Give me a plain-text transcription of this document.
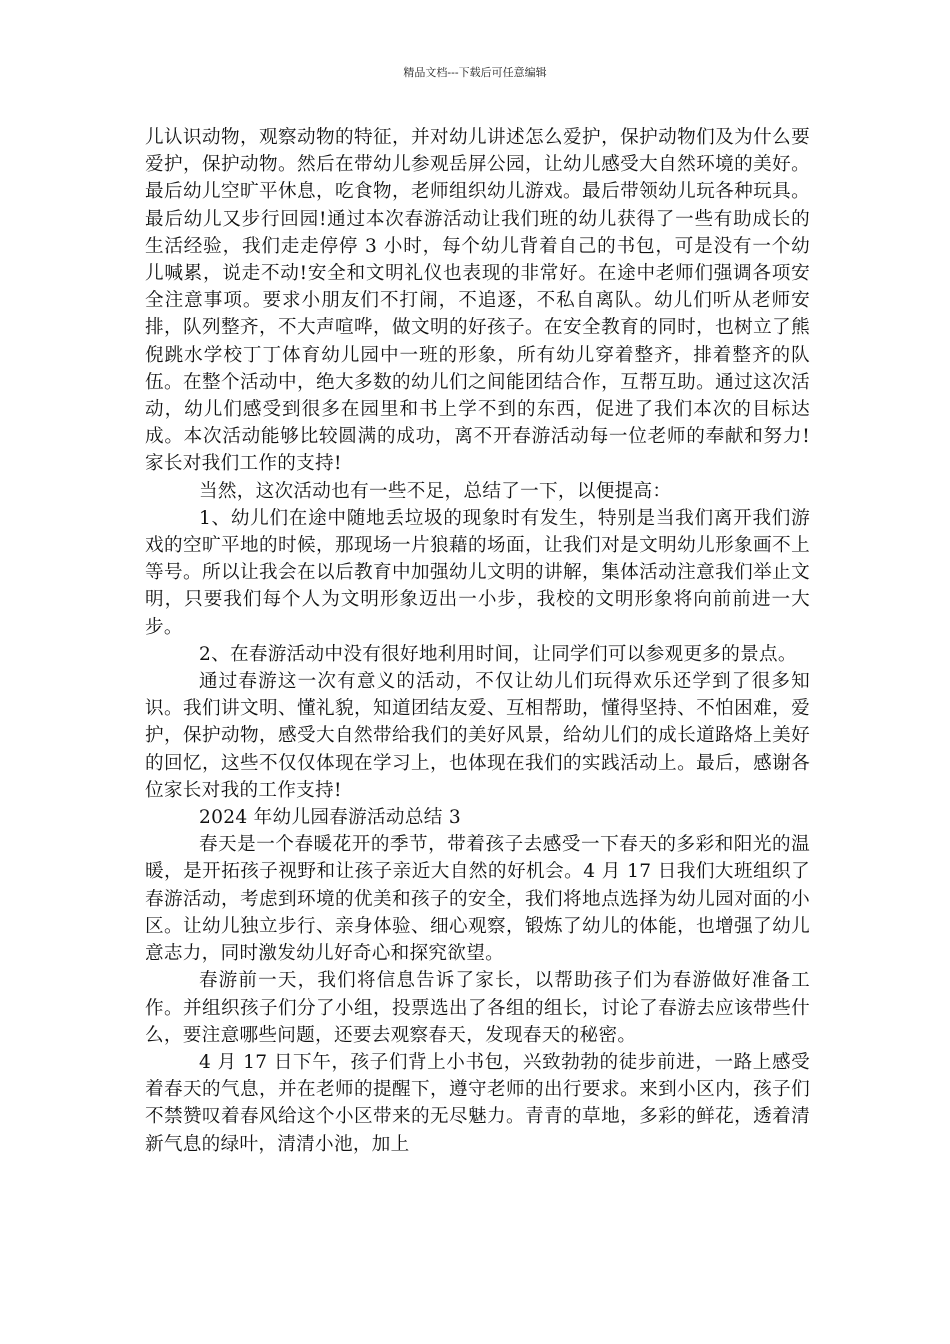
精品文档---下载后可任意编辑

儿认识动物，观察动物的特征，并对幼儿讲述怎么爱护，保护动物们及为什么要爱护，保护动物。然后在带幼儿参观岳屏公园，让幼儿感受大自然环境的美好。最后幼儿空旷平休息，吃食物，老师组织幼儿游戏。最后带领幼儿玩各种玩具。最后幼儿又步行回园!通过本次春游活动让我们班的幼儿获得了一些有助成长的生活经验，我们走走停停 3 小时，每个幼儿背着自己的书包，可是没有一个幼儿喊累，说走不动!安全和文明礼仪也表现的非常好。在途中老师们强调各项安全注意事项。要求小朋友们不打闹，不追逐，不私自离队。幼儿们听从老师安排，队列整齐，不大声喧哗，做文明的好孩子。在安全教育的同时，也树立了熊倪跳水学校丁丁体育幼儿园中一班的形象，所有幼儿穿着整齐，排着整齐的队伍。在整个活动中，绝大多数的幼儿们之间能团结合作，互帮互助。通过这次活动，幼儿们感受到很多在园里和书上学不到的东西，促进了我们本次的目标达成。本次活动能够比较圆满的成功，离不开春游活动每一位老师的奉献和努力!家长对我们工作的支持!

当然，这次活动也有一些不足，总结了一下，以便提高：

1、幼儿们在途中随地丢垃圾的现象时有发生，特别是当我们离开我们游戏的空旷平地的时候，那现场一片狼藉的场面，让我们对是文明幼儿形象画不上等号。所以让我会在以后教育中加强幼儿文明的讲解，集体活动注意我们举止文明，只要我们每个人为文明形象迈出一小步，我校的文明形象将向前前进一大步。

2、在春游活动中没有很好地利用时间，让同学们可以参观更多的景点。

通过春游这一次有意义的活动，不仅让幼儿们玩得欢乐还学到了很多知识。我们讲文明、懂礼貌，知道团结友爱、互相帮助，懂得坚持、不怕困难，爱护，保护动物，感受大自然带给我们的美好风景，给幼儿们的成长道路烙上美好的回忆，这些不仅仅体现在学习上，也体现在我们的实践活动上。最后，感谢各位家长对我的工作支持!

2024 年幼儿园春游活动总结 3

春天是一个春暖花开的季节，带着孩子去感受一下春天的多彩和阳光的温暖，是开拓孩子视野和让孩子亲近大自然的好机会。4 月 17 日我们大班组织了春游活动，考虑到环境的优美和孩子的安全，我们将地点选择为幼儿园对面的小区。让幼儿独立步行、亲身体验、细心观察，锻炼了幼儿的体能，也增强了幼儿意志力，同时激发幼儿好奇心和探究欲望。

春游前一天，我们将信息告诉了家长，以帮助孩子们为春游做好准备工作。并组织孩子们分了小组，投票选出了各组的组长，讨论了春游去应该带些什么，要注意哪些问题，还要去观察春天，发现春天的秘密。

4 月 17 日下午，孩子们背上小书包，兴致勃勃的徒步前进，一路上感受着春天的气息，并在老师的提醒下，遵守老师的出行要求。来到小区内，孩子们不禁赞叹着春风给这个小区带来的无尽魅力。青青的草地，多彩的鲜花，透着清新气息的绿叶，清清小池，加上
